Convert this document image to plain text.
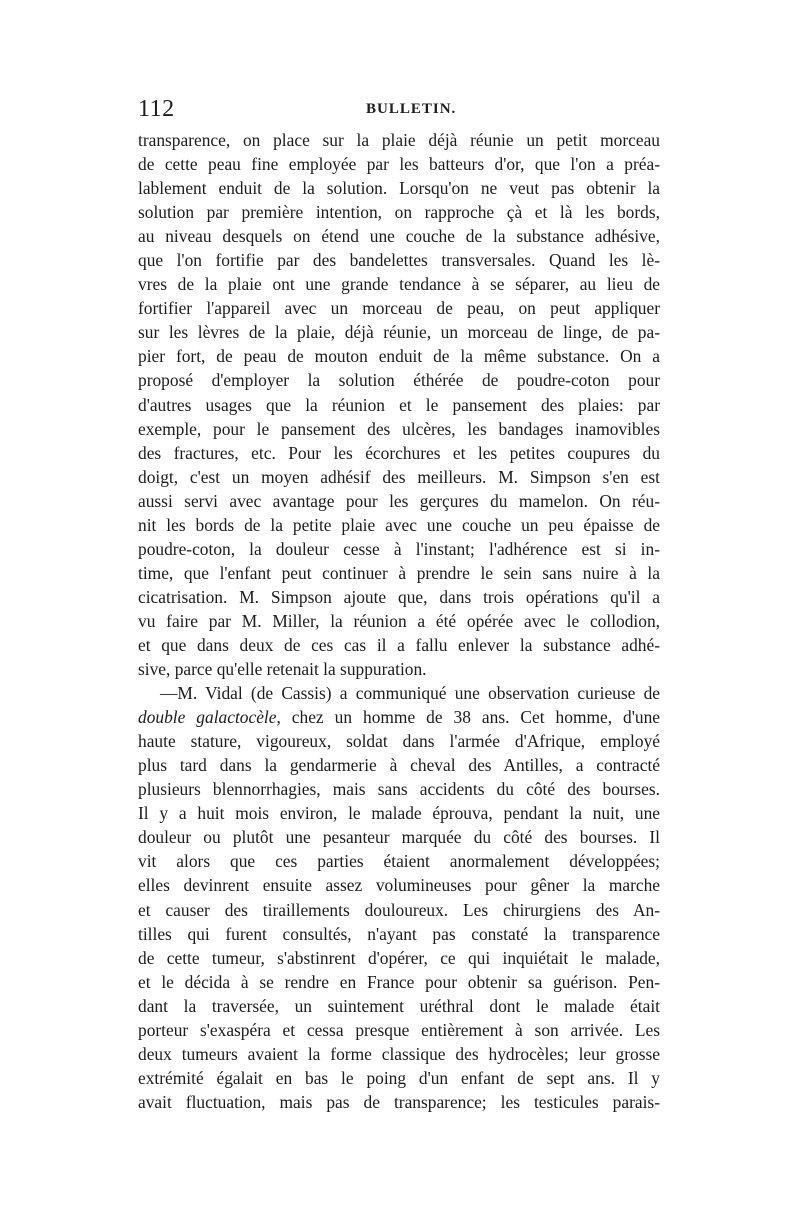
112	BULLETIN.
transparence, on place sur la plaie déjà réunie un petit morceau
de cette peau fine employée par les batteurs d'or, que l'on a préa-
lablement enduit de la solution. Lorsqu'on ne veut pas obtenir la
solution par première intention, on rapproche çà et là les bords,
au niveau desquels on étend une couche de la substance adhésive,
que l'on fortifie par des bandelettes transversales. Quand les lè-
vres de la plaie ont une grande tendance à se séparer, au lieu de
fortifier l'appareil avec un morceau de peau, on peut appliquer
sur les lèvres de la plaie, déjà réunie, un morceau de linge, de pa-
pier fort, de peau de mouton enduit de la même substance. On a
proposé d'employer la solution éthérée de poudre-coton pour
d'autres usages que la réunion et le pansement des plaies: par
exemple, pour le pansement des ulcères, les bandages inamovibles
des fractures, etc. Pour les écorchures et les petites coupures du
doigt, c'est un moyen adhésif des meilleurs. M. Simpson s'en est
aussi servi avec avantage pour les gerçures du mamelon. On réu-
nit les bords de la petite plaie avec une couche un peu épaisse de
poudre-coton, la douleur cesse à l'instant; l'adhérence est si in-
time, que l'enfant peut continuer à prendre le sein sans nuire à la
cicatrisation. M. Simpson ajoute que, dans trois opérations qu'il a
vu faire par M. Miller, la réunion a été opérée avec le collodion,
et que dans deux de ces cas il a fallu enlever la substance adhé-
sive, parce qu'elle retenait la suppuration.
—M. Vidal (de Cassis) a communiqué une observation curieuse de
double galactocèle, chez un homme de 38 ans. Cet homme, d'une
haute stature, vigoureux, soldat dans l'armée d'Afrique, employé
plus tard dans la gendarmerie à cheval des Antilles, a contracté
plusieurs blennorrhagies, mais sans accidents du côté des bourses.
Il y a huit mois environ, le malade éprouva, pendant la nuit, une
douleur ou plutôt une pesanteur marquée du côté des bourses. Il
vit alors que ces parties étaient anormalement développées;
elles devinrent ensuite assez volumineuses pour gêner la marche
et causer des tiraillements douloureux. Les chirurgiens des An-
tilles qui furent consultés, n'ayant pas constaté la transparence
de cette tumeur, s'abstinrent d'opérer, ce qui inquiétait le malade,
et le décida à se rendre en France pour obtenir sa guérison. Pen-
dant la traversée, un suintement uréthral dont le malade était
porteur s'exaspéra et cessa presque entièrement à son arrivée. Les
deux tumeurs avaient la forme classique des hydrocèles; leur grosse
extrémité égalait en bas le poing d'un enfant de sept ans. Il y
avait fluctuation, mais pas de transparence; les testicules parais-
